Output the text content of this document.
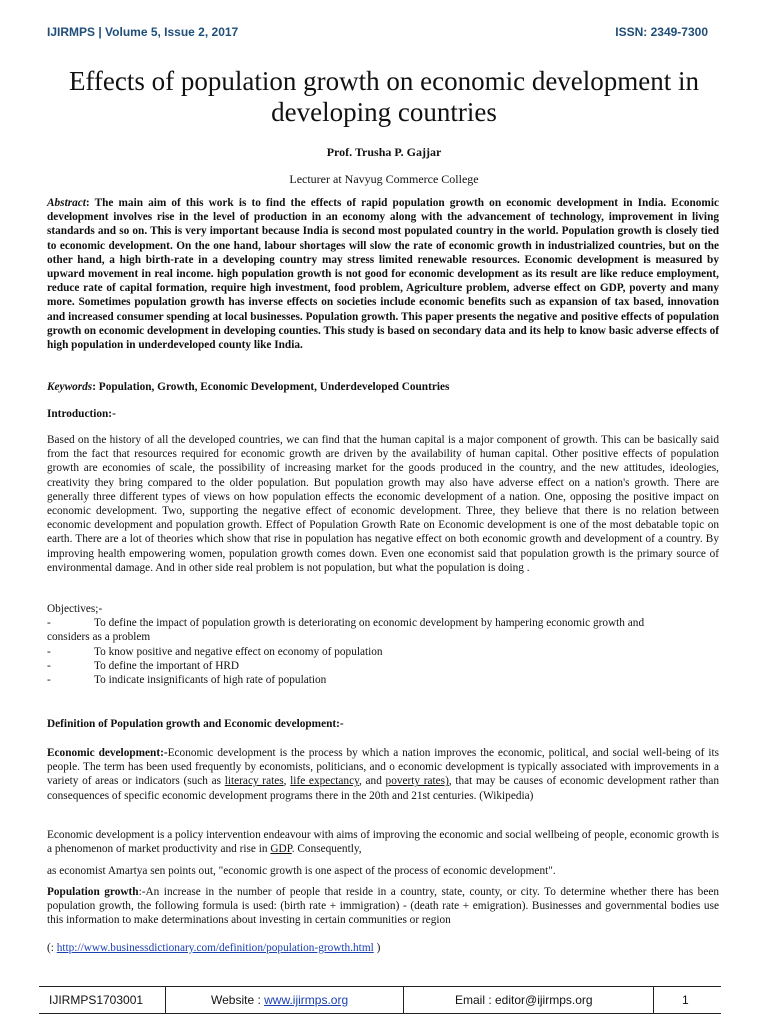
IJIRMPS | Volume 5, Issue 2, 2017	ISSN: 2349-7300
Effects of population growth on economic development in developing countries
Prof. Trusha P. Gajjar
Lecturer at Navyug Commerce College
Abstract: The main aim of this work is to find the effects of rapid population growth on economic development in India. Economic development involves rise in the level of production in an economy along with the advancement of technology, improvement in living standards and so on. This is very important because India is second most populated country in the world. Population growth is closely tied to economic development. On the one hand, labour shortages will slow the rate of economic growth in industrialized countries, but on the other hand, a high birth-rate in a developing country may stress limited renewable resources. Economic development is measured by upward movement in real income. high population growth is not good for economic development as its result are like reduce employment, reduce rate of capital formation, require high investment, food problem, Agriculture problem, adverse effect on GDP, poverty and many more. Sometimes population growth has inverse effects on societies include economic benefits such as expansion of tax based, innovation and increased consumer spending at local businesses. Population growth. This paper presents the negative and positive effects of population growth on economic development in developing counties. This study is based on secondary data and its help to know basic adverse effects of high population in underdeveloped county like India.
Keywords: Population, Growth, Economic Development, Underdeveloped Countries
Introduction:-
Based on the history of all the developed countries, we can find that the human capital is a major component of growth. This can be basically said from the fact that resources required for economic growth are driven by the availability of human capital. Other positive effects of population growth are economies of scale, the possibility of increasing market for the goods produced in the country, and the new attitudes, ideologies, creativity they bring compared to the older population. But population growth may also have adverse effect on a nation's growth. There are generally three different types of views on how population effects the economic development of a nation. One, opposing the positive impact on economic development. Two, supporting the negative effect of economic development. Three, they believe that there is no relation between economic development and population growth. Effect of Population Growth Rate on Economic development is one of the most debatable topic on earth. There are a lot of theories which show that rise in population has negative effect on both economic growth and development of a country. By improving health empowering women, population growth comes down. Even one economist said that population growth is the primary source of environmental damage. And in other side real problem is not population, but what the population is doing .
Objectives;-
-	To define the impact of population growth is deteriorating on economic development by hampering economic growth and
considers as a problem
-	To know positive and negative effect on economy of population
-	To define the important of HRD
-	To indicate insignificants of high rate of population
Definition of Population growth and Economic development:-
Economic development:-Economic development is the process by which a nation improves the economic, political, and social well-being of its people. The term has been used frequently by economists, politicians, and o economic development is typically associated with improvements in a variety of areas or indicators (such as literacy rates, life expectancy, and poverty rates), that may be causes of economic development rather than consequences of specific economic development programs there in the 20th and 21st centuries. (Wikipedia)
Economic development is a policy intervention endeavour with aims of improving the economic and social wellbeing of people, economic growth is a phenomenon of market productivity and rise in GDP. Consequently,
as economist Amartya sen points out, "economic growth is one aspect of the process of economic development".
Population growth:-An increase in the number of people that reside in a country, state, county, or city. To determine whether there has been population growth, the following formula is used: (birth rate + immigration) - (death rate + emigration). Businesses and governmental bodies use this information to make determinations about investing in certain communities or region
(: http://www.businessdictionary.com/definition/population-growth.html )
IJIRMPS1703001	Website : www.ijirmps.org	Email : editor@ijirmps.org	1
